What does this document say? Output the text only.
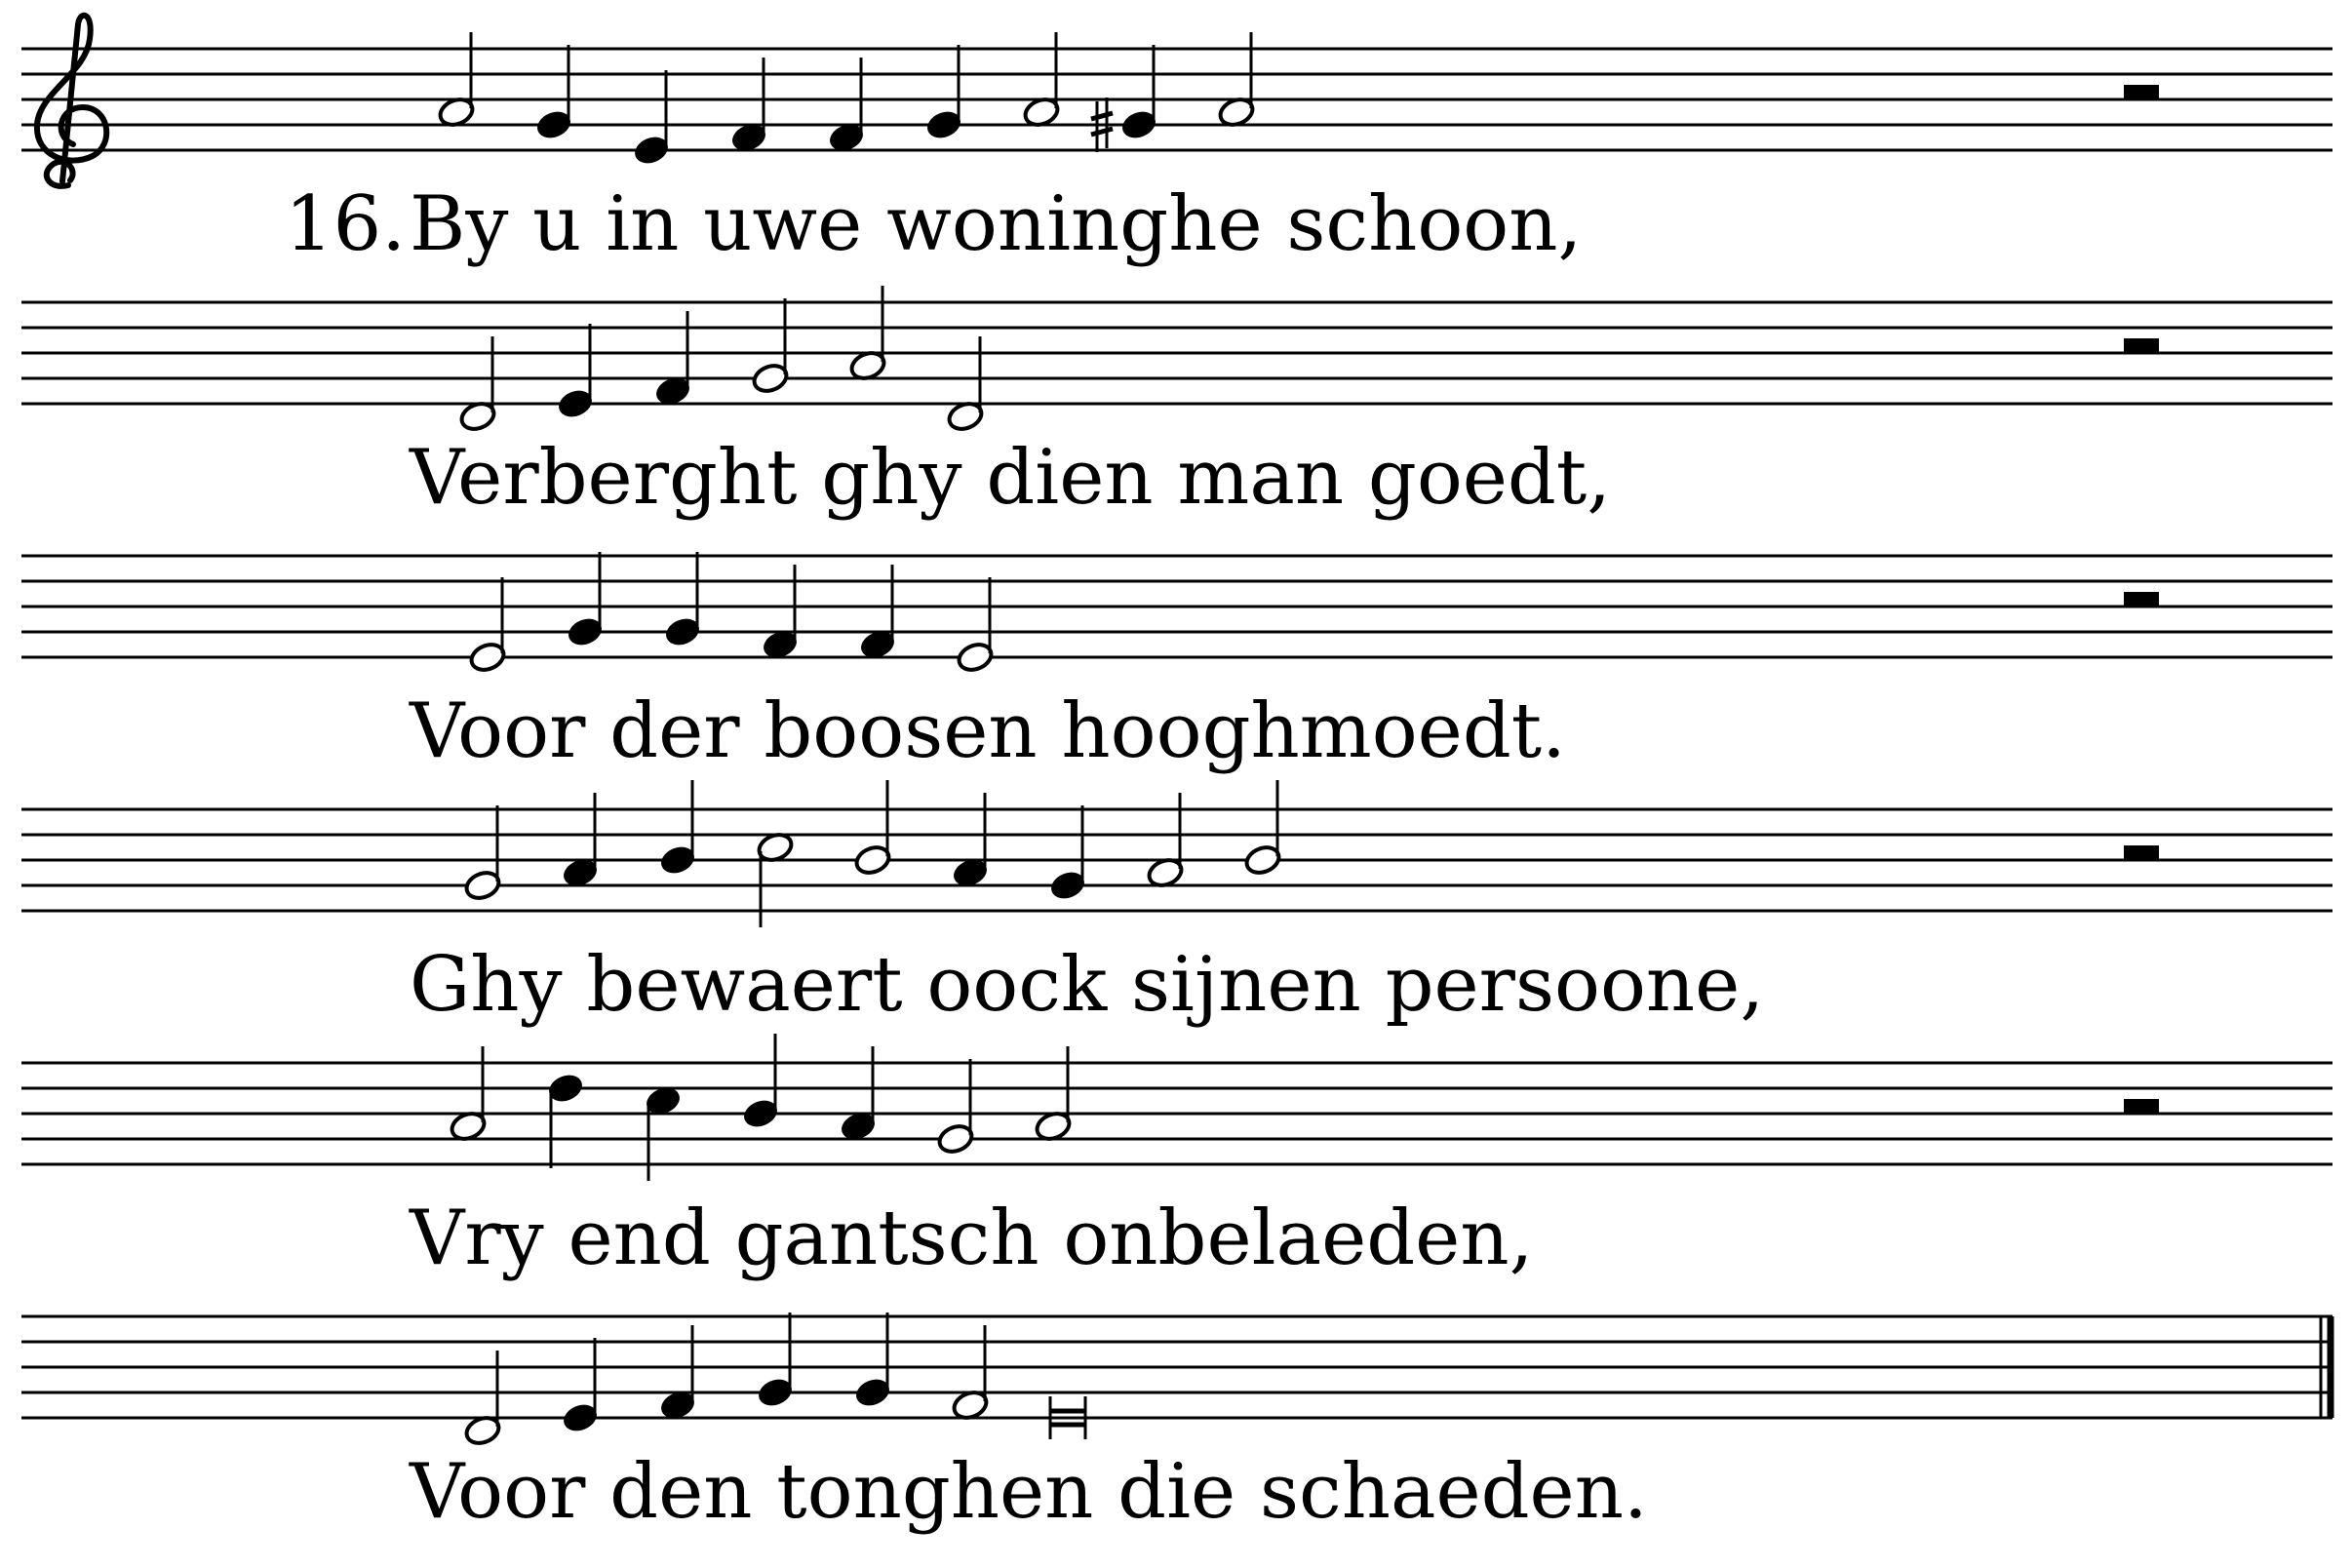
16. By u in uwe woninghe schoon,
Verberght ghy dien man goedt,
Voor der boosen hooghmoedt.
Ghy bewaert oock sijnen persoone,
Vry end gantsch onbelaeden,
Voor den tonghen die schaeden.
